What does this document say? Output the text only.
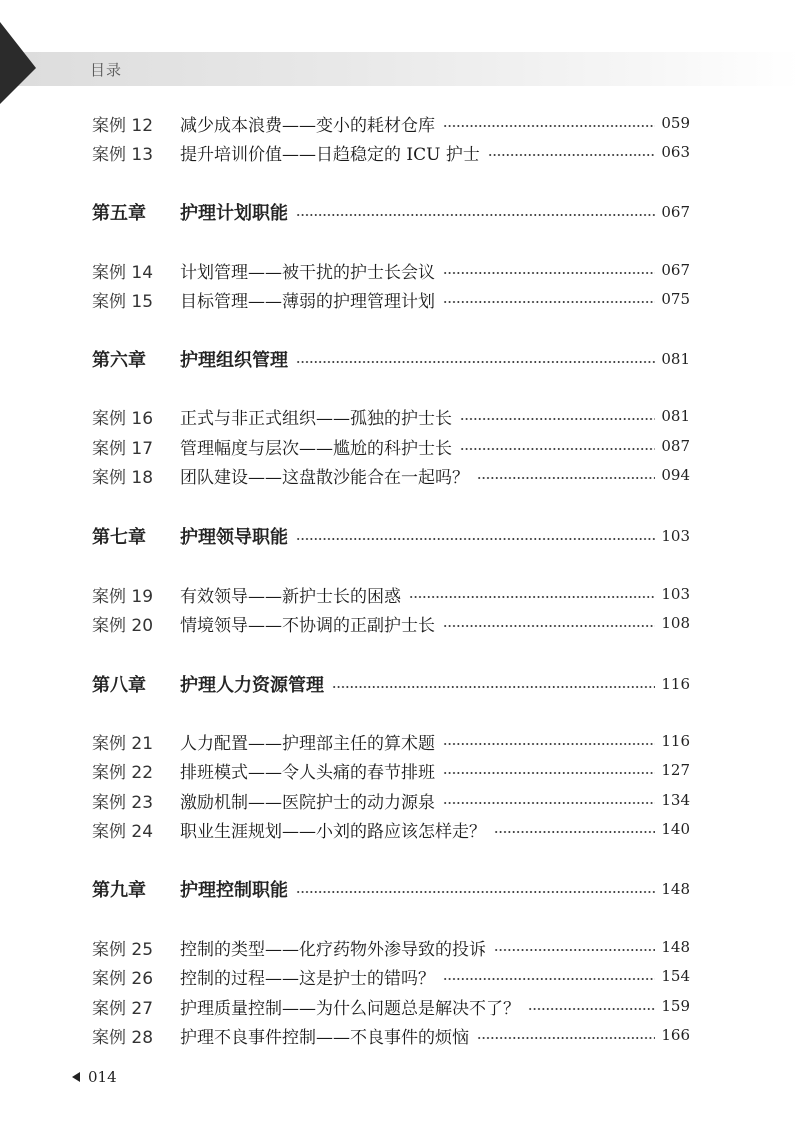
目录
案例 12	减少成本浪费——变小的耗材仓库	059
案例 13	提升培训价值——日趋稳定的 ICU 护士	063
第五章	护理计划职能	067
案例 14	计划管理——被干扰的护士长会议	067
案例 15	目标管理——薄弱的护理管理计划	075
第六章	护理组织管理	081
案例 16	正式与非正式组织——孤独的护士长	081
案例 17	管理幅度与层次——尴尬的科护士长	087
案例 18	团队建设——这盘散沙能合在一起吗？	094
第七章	护理领导职能	103
案例 19	有效领导——新护士长的困惑	103
案例 20	情境领导——不协调的正副护士长	108
第八章	护理人力资源管理	116
案例 21	人力配置——护理部主任的算术题	116
案例 22	排班模式——令人头痛的春节排班	127
案例 23	激励机制——医院护士的动力源泉	134
案例 24	职业生涯规划——小刘的路应该怎样走？	140
第九章	护理控制职能	148
案例 25	控制的类型——化疗药物外渗导致的投诉	148
案例 26	控制的过程——这是护士的错吗？	154
案例 27	护理质量控制——为什么问题总是解决不了？	159
案例 28	护理不良事件控制——不良事件的烦恼	166
014
